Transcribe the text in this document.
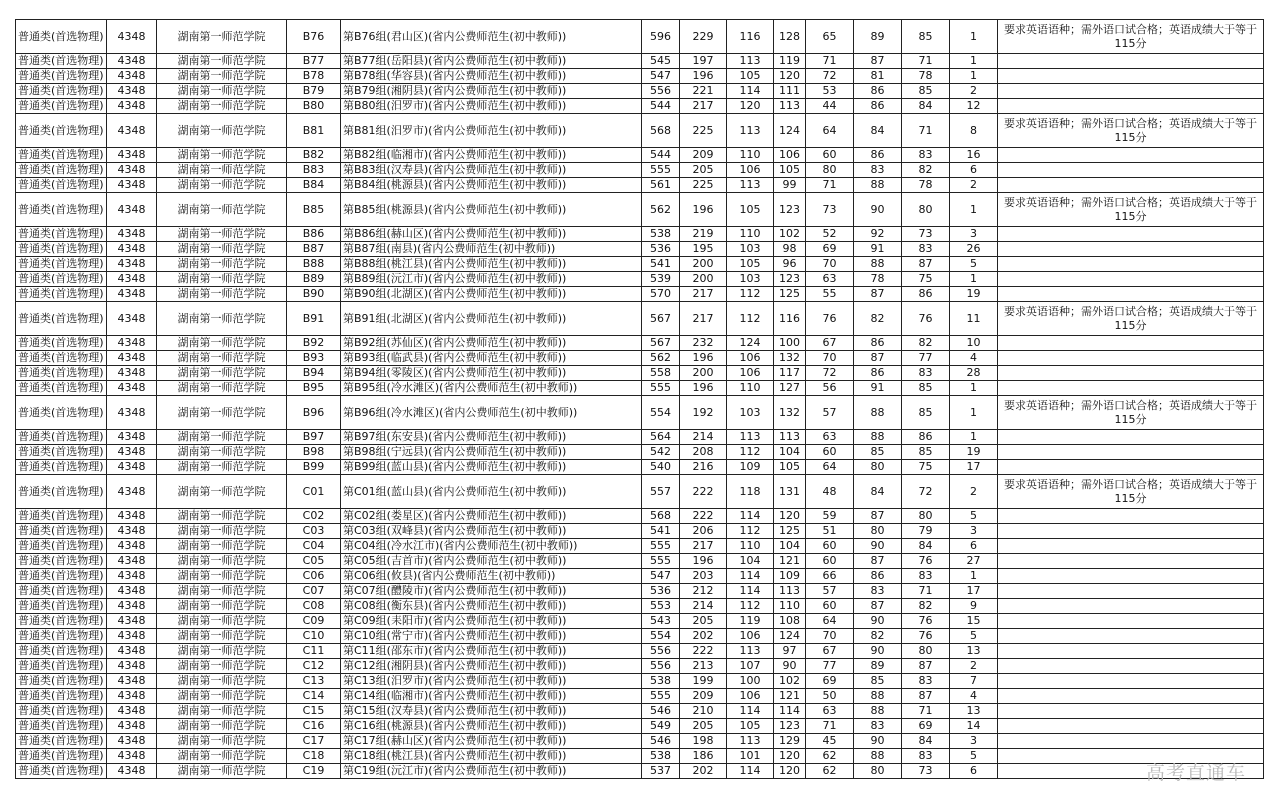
普通类(首选物理)	4348	湖南第一师范学院	B76	第B76组(君山区)(省内公费师范生(初中教师))	596	229	116	128	65	89	85	1	要求英语语种；需外语口试合格；英语成绩大于等于115分
普通类(首选物理)	4348	湖南第一师范学院	B77	第B77组(岳阳县)(省内公费师范生(初中教师))	545	197	113	119	71	87	71	1	
普通类(首选物理)	4348	湖南第一师范学院	B78	第B78组(华容县)(省内公费师范生(初中教师))	547	196	105	120	72	81	78	1	
普通类(首选物理)	4348	湖南第一师范学院	B79	第B79组(湘阴县)(省内公费师范生(初中教师))	556	221	114	111	53	86	85	2	
普通类(首选物理)	4348	湖南第一师范学院	B80	第B80组(汨罗市)(省内公费师范生(初中教师))	544	217	120	113	44	86	84	12	
普通类(首选物理)	4348	湖南第一师范学院	B81	第B81组(汨罗市)(省内公费师范生(初中教师))	568	225	113	124	64	84	71	8	要求英语语种；需外语口试合格；英语成绩大于等于115分
普通类(首选物理)	4348	湖南第一师范学院	B82	第B82组(临湘市)(省内公费师范生(初中教师))	544	209	110	106	60	86	83	16	
普通类(首选物理)	4348	湖南第一师范学院	B83	第B83组(汉寿县)(省内公费师范生(初中教师))	555	205	106	105	80	83	82	6	
普通类(首选物理)	4348	湖南第一师范学院	B84	第B84组(桃源县)(省内公费师范生(初中教师))	561	225	113	99	71	88	78	2	
普通类(首选物理)	4348	湖南第一师范学院	B85	第B85组(桃源县)(省内公费师范生(初中教师))	562	196	105	123	73	90	80	1	要求英语语种；需外语口试合格；英语成绩大于等于115分
普通类(首选物理)	4348	湖南第一师范学院	B86	第B86组(赫山区)(省内公费师范生(初中教师))	538	219	110	102	52	92	73	3	
普通类(首选物理)	4348	湖南第一师范学院	B87	第B87组(南县)(省内公费师范生(初中教师))	536	195	103	98	69	91	83	26	
普通类(首选物理)	4348	湖南第一师范学院	B88	第B88组(桃江县)(省内公费师范生(初中教师))	541	200	105	96	70	88	87	5	
普通类(首选物理)	4348	湖南第一师范学院	B89	第B89组(沅江市)(省内公费师范生(初中教师))	539	200	103	123	63	78	75	1	
普通类(首选物理)	4348	湖南第一师范学院	B90	第B90组(北湖区)(省内公费师范生(初中教师))	570	217	112	125	55	87	86	19	
普通类(首选物理)	4348	湖南第一师范学院	B91	第B91组(北湖区)(省内公费师范生(初中教师))	567	217	112	116	76	82	76	11	要求英语语种；需外语口试合格；英语成绩大于等于115分
普通类(首选物理)	4348	湖南第一师范学院	B92	第B92组(苏仙区)(省内公费师范生(初中教师))	567	232	124	100	67	86	82	10	
普通类(首选物理)	4348	湖南第一师范学院	B93	第B93组(临武县)(省内公费师范生(初中教师))	562	196	106	132	70	87	77	4	
普通类(首选物理)	4348	湖南第一师范学院	B94	第B94组(零陵区)(省内公费师范生(初中教师))	558	200	106	117	72	86	83	28	
普通类(首选物理)	4348	湖南第一师范学院	B95	第B95组(冷水滩区)(省内公费师范生(初中教师))	555	196	110	127	56	91	85	1	
普通类(首选物理)	4348	湖南第一师范学院	B96	第B96组(冷水滩区)(省内公费师范生(初中教师))	554	192	103	132	57	88	85	1	要求英语语种；需外语口试合格；英语成绩大于等于115分
普通类(首选物理)	4348	湖南第一师范学院	B97	第B97组(东安县)(省内公费师范生(初中教师))	564	214	113	113	63	88	86	1	
普通类(首选物理)	4348	湖南第一师范学院	B98	第B98组(宁远县)(省内公费师范生(初中教师))	542	208	112	104	60	85	85	19	
普通类(首选物理)	4348	湖南第一师范学院	B99	第B99组(蓝山县)(省内公费师范生(初中教师))	540	216	109	105	64	80	75	17	
普通类(首选物理)	4348	湖南第一师范学院	C01	第C01组(蓝山县)(省内公费师范生(初中教师))	557	222	118	131	48	84	72	2	要求英语语种；需外语口试合格；英语成绩大于等于115分
普通类(首选物理)	4348	湖南第一师范学院	C02	第C02组(娄星区)(省内公费师范生(初中教师))	568	222	114	120	59	87	80	5	
普通类(首选物理)	4348	湖南第一师范学院	C03	第C03组(双峰县)(省内公费师范生(初中教师))	541	206	112	125	51	80	79	3	
普通类(首选物理)	4348	湖南第一师范学院	C04	第C04组(冷水江市)(省内公费师范生(初中教师))	555	217	110	104	60	90	84	6	
普通类(首选物理)	4348	湖南第一师范学院	C05	第C05组(吉首市)(省内公费师范生(初中教师))	555	196	104	121	60	87	76	27	
普通类(首选物理)	4348	湖南第一师范学院	C06	第C06组(攸县)(省内公费师范生(初中教师))	547	203	114	109	66	86	83	1	
普通类(首选物理)	4348	湖南第一师范学院	C07	第C07组(醴陵市)(省内公费师范生(初中教师))	536	212	114	113	57	83	71	17	
普通类(首选物理)	4348	湖南第一师范学院	C08	第C08组(衡东县)(省内公费师范生(初中教师))	553	214	112	110	60	87	82	9	
普通类(首选物理)	4348	湖南第一师范学院	C09	第C09组(耒阳市)(省内公费师范生(初中教师))	543	205	119	108	64	90	76	15	
普通类(首选物理)	4348	湖南第一师范学院	C10	第C10组(常宁市)(省内公费师范生(初中教师))	554	202	106	124	70	82	76	5	
普通类(首选物理)	4348	湖南第一师范学院	C11	第C11组(邵东市)(省内公费师范生(初中教师))	556	222	113	97	67	90	80	13	
普通类(首选物理)	4348	湖南第一师范学院	C12	第C12组(湘阴县)(省内公费师范生(初中教师))	556	213	107	90	77	89	87	2	
普通类(首选物理)	4348	湖南第一师范学院	C13	第C13组(汨罗市)(省内公费师范生(初中教师))	538	199	100	102	69	85	83	7	
普通类(首选物理)	4348	湖南第一师范学院	C14	第C14组(临湘市)(省内公费师范生(初中教师))	555	209	106	121	50	88	87	4	
普通类(首选物理)	4348	湖南第一师范学院	C15	第C15组(汉寿县)(省内公费师范生(初中教师))	546	210	114	114	63	88	71	13	
普通类(首选物理)	4348	湖南第一师范学院	C16	第C16组(桃源县)(省内公费师范生(初中教师))	549	205	105	123	71	83	69	14	
普通类(首选物理)	4348	湖南第一师范学院	C17	第C17组(赫山区)(省内公费师范生(初中教师))	546	198	113	129	45	90	84	3	
普通类(首选物理)	4348	湖南第一师范学院	C18	第C18组(桃江县)(省内公费师范生(初中教师))	538	186	101	120	62	88	83	5	
普通类(首选物理)	4348	湖南第一师范学院	C19	第C19组(沅江市)(省内公费师范生(初中教师))	537	202	114	120	62	80	73	6		高考直通车
